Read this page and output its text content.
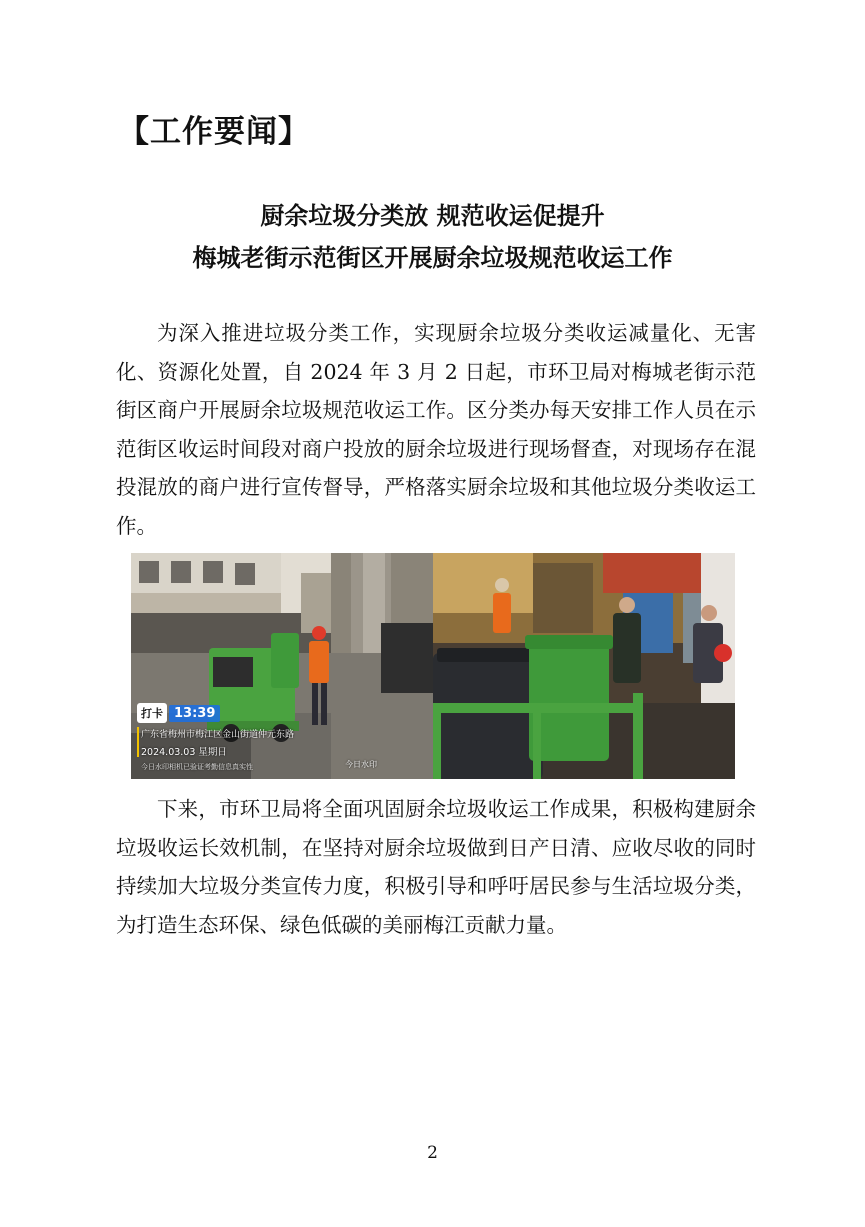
【工作要闻】
厨余垃圾分类放 规范收运促提升
梅城老街示范街区开展厨余垃圾规范收运工作

为深入推进垃圾分类工作，实现厨余垃圾分类收运减量化、无害化、资源化处置，自 2024 年 3 月 2 日起，市环卫局对梅城老街示范街区商户开展厨余垃圾规范收运工作。区分类办每天安排工作人员在示范街区收运时间段对商户投放的厨余垃圾进行现场督查，对现场存在混投混放的商户进行宣传督导，严格落实厨余垃圾和其他垃圾分类收运工作。

打卡 13:39
广东省梅州市梅江区金山街道仲元东路
2024.03.03 星期日
今日水印相机已验证考勤信息真实性	今日水印

下来，市环卫局将全面巩固厨余垃圾收运工作成果，积极构建厨余垃圾收运长效机制，在坚持对厨余垃圾做到日产日清、应收尽收的同时持续加大垃圾分类宣传力度，积极引导和呼吁居民参与生活垃圾分类，为打造生态环保、绿色低碳的美丽梅江贡献力量。

2
